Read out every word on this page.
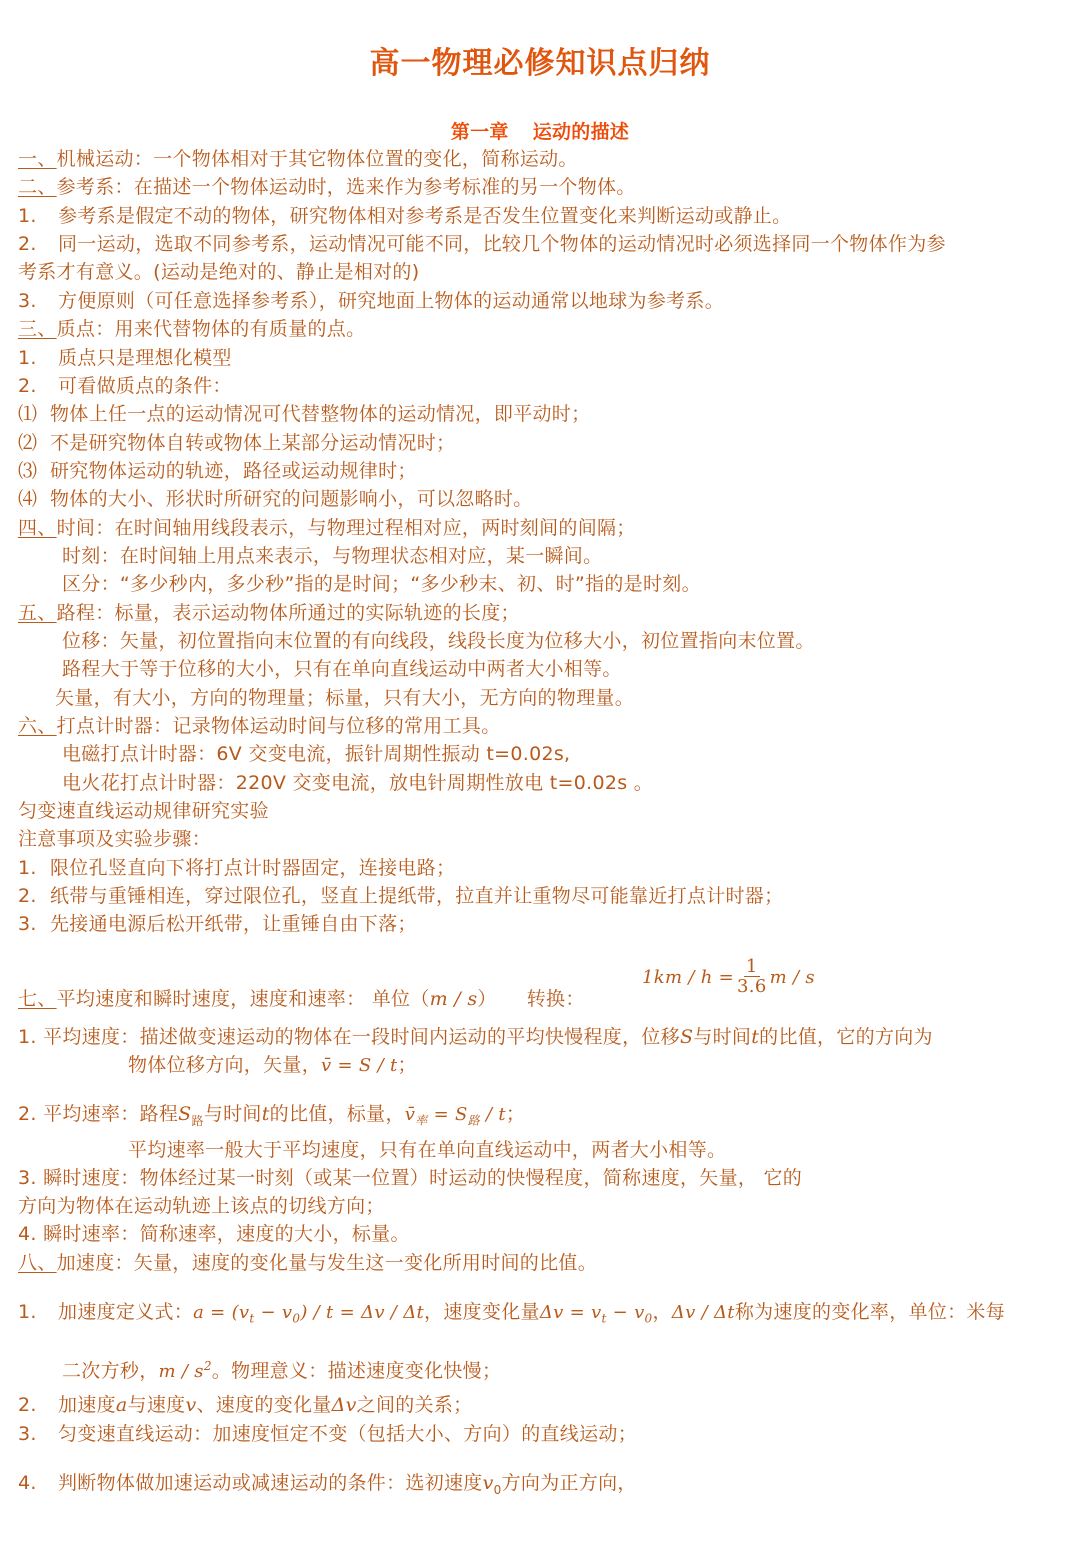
高一物理必修知识点归纳
第一章 运动的描述
一、机械运动：一个物体相对于其它物体位置的变化，简称运动。
二、参考系：在描述一个物体运动时，选来作为参考标准的另一个物体。
1. 参考系是假定不动的物体，研究物体相对参考系是否发生位置变化来判断运动或静止。
2. 同一运动，选取不同参考系，运动情况可能不同，比较几个物体的运动情况时必须选择同一个物体作为参
考系才有意义。(运动是绝对的、静止是相对的)
3. 方便原则（可任意选择参考系），研究地面上物体的运动通常以地球为参考系。
三、质点：用来代替物体的有质量的点。
1. 质点只是理想化模型
2. 可看做质点的条件：
⑴ 物体上任一点的运动情况可代替整物体的运动情况，即平动时；
⑵ 不是研究物体自转或物体上某部分运动情况时；
⑶ 研究物体运动的轨迹，路径或运动规律时；
⑷ 物体的大小、形状时所研究的问题影响小，可以忽略时。
四、时间：在时间轴用线段表示，与物理过程相对应，两时刻间的间隔；
时刻：在时间轴上用点来表示，与物理状态相对应，某一瞬间。
区分：“多少秒内，多少秒”指的是时间；“多少秒末、初、时”指的是时刻。
五、路程：标量，表示运动物体所通过的实际轨迹的长度；
位移：矢量，初位置指向末位置的有向线段，线段长度为位移大小，初位置指向末位置。
路程大于等于位移的大小，只有在单向直线运动中两者大小相等。
矢量，有大小，方向的物理量；标量，只有大小，无方向的物理量。
六、打点计时器：记录物体运动时间与位移的常用工具。
电磁打点计时器：6V 交变电流，振针周期性振动 t=0.02s,
电火花打点计时器：220V 交变电流，放电针周期性放电 t=0.02s 。
匀变速直线运动规律研究实验
注意事项及实验步骤：
1. 限位孔竖直向下将打点计时器固定，连接电路；
2. 纸带与重锤相连，穿过限位孔，竖直上提纸带，拉直并让重物尽可能靠近打点计时器；
3. 先接通电源后松开纸带，让重锤自由下落；
$1km / h = \frac{1}{3.6}$ m / s
七、平均速度和瞬时速度，速度和速率： 单位（m / s） 转换：
1. 平均速度：描述做变速运动的物体在一段时间内运动的平均快慢程度，位移S与时间t的比值，它的方向为
物体位移方向，矢量，v̄ = S / t；
2. 平均速率：路程$S_路$与时间t的比值，标量，$v̄_率 = S_路 / t$；
平均速率一般大于平均速度，只有在单向直线运动中，两者大小相等。
3. 瞬时速度：物体经过某一时刻（或某一位置）时运动的快慢程度，简称速度，矢量， 它的
方向为物体在运动轨迹上该点的切线方向；
4. 瞬时速率：简称速率，速度的大小，标量。
八、加速度：矢量，速度的变化量与发生这一变化所用时间的比值。
1. 加速度定义式：$a = (v_t - v_0) / t = \Delta v / \Delta t$，速度变化量$\Delta v = v_t - v_0$，Δv / Δt称为速度的变化率，单位：米每
二次方秒，m / $s^2$。物理意义：描述速度变化快慢；
2. 加速度a与速度v、速度的变化量Δv之间的关系；
3. 匀变速直线运动：加速度恒定不变（包括大小、方向）的直线运动；
4. 判断物体做加速运动或减速运动的条件：选初速度$v_0$方向为正方向，
